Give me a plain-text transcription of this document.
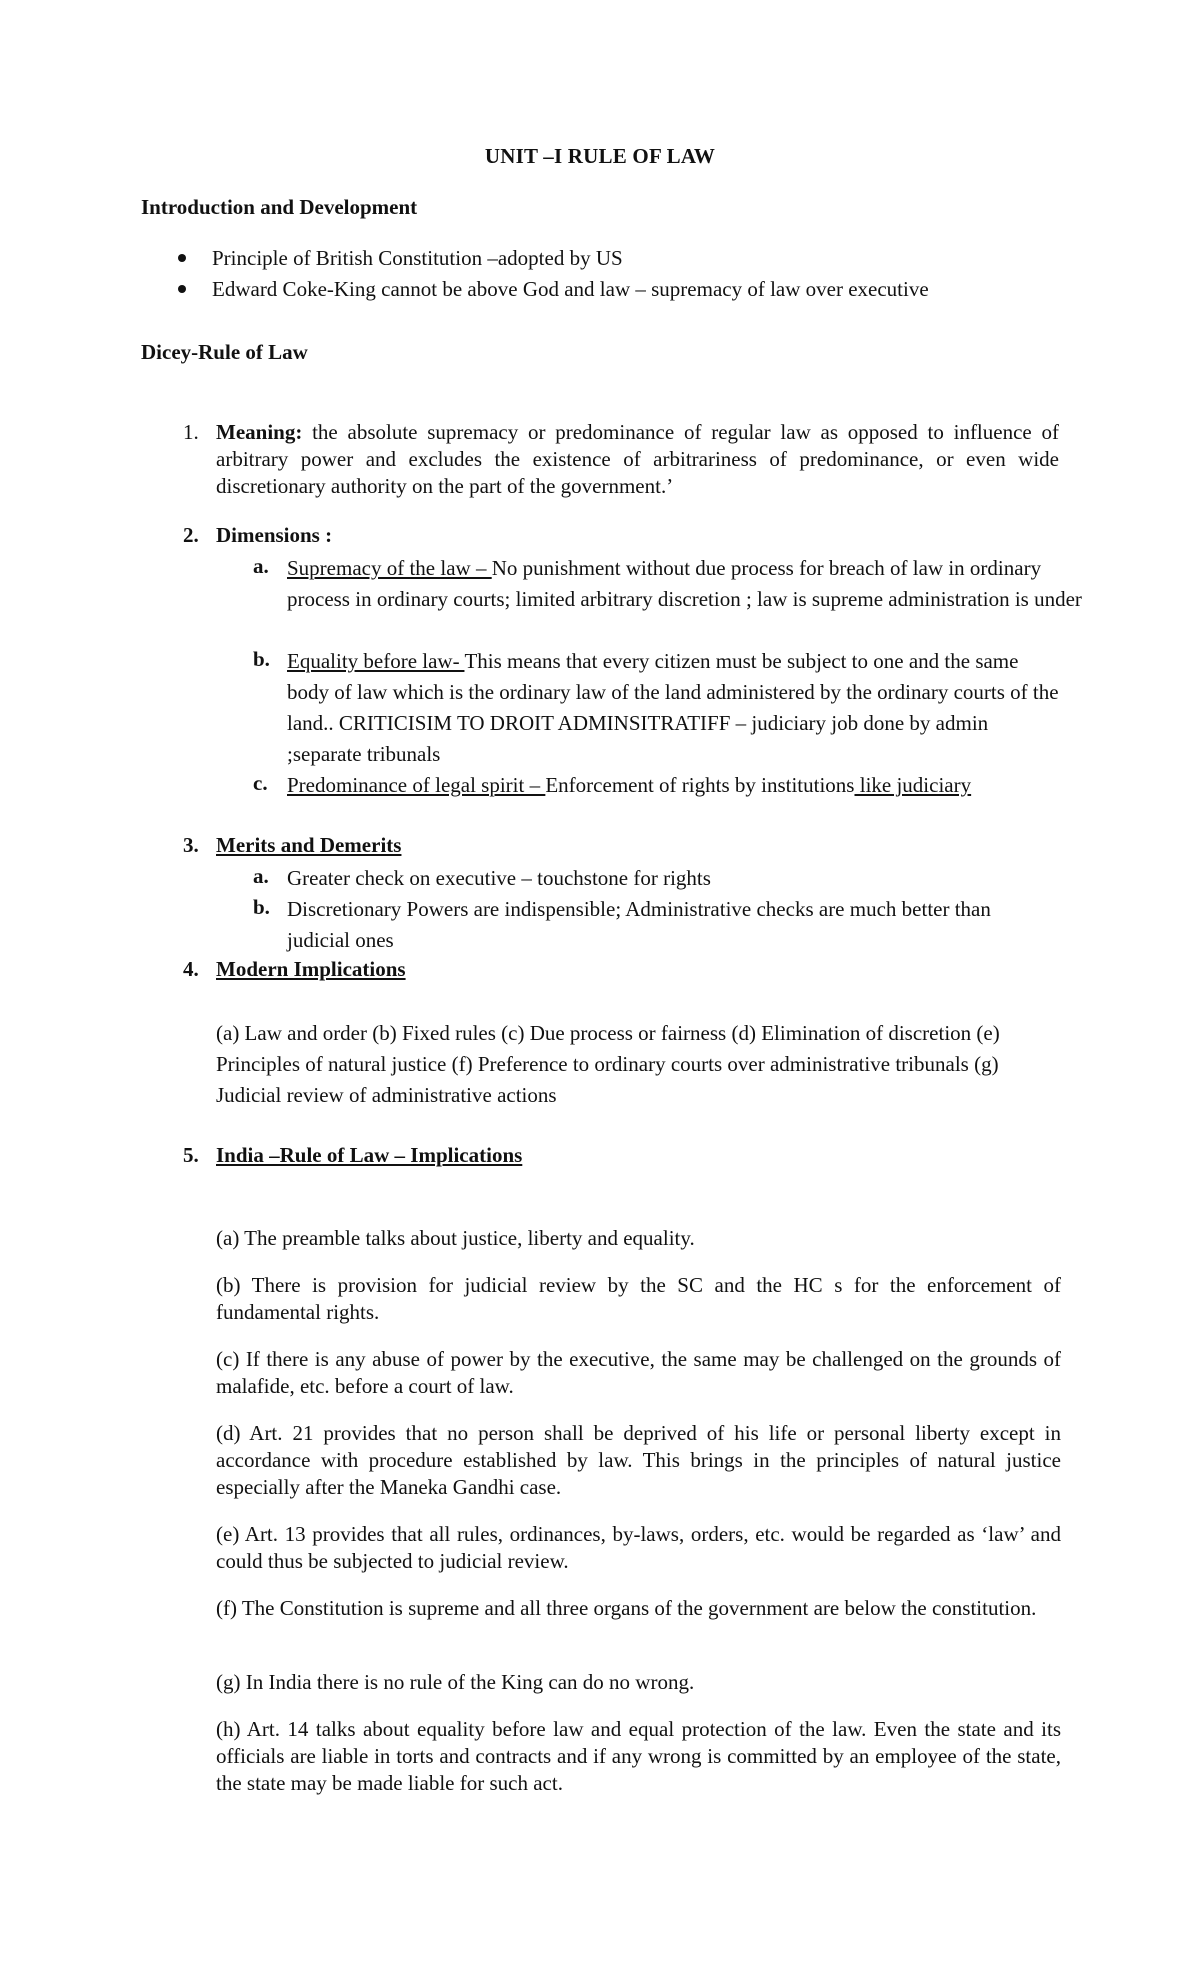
UNIT –I RULE OF LAW
Introduction and Development
Principle of British Constitution –adopted by US
Edward Coke-King cannot be above God and law – supremacy of law over executive
Dicey-Rule of Law
1. Meaning: the absolute supremacy or predominance of regular law as opposed to influence of arbitrary power and excludes the existence of arbitrariness of predominance, or even wide discretionary authority on the part of the government.’
2. Dimensions :
a. Supremacy of the law – No punishment without due process for breach of law in ordinary process in ordinary courts; limited arbitrary discretion ; law is supreme administration is under
b. Equality before law- This means that every citizen must be subject to one and the same body of law which is the ordinary law of the land administered by the ordinary courts of the land.. CRITICISIM TO DROIT ADMINSITRATIFF – judiciary job done by admin ;separate tribunals
c. Predominance of legal spirit – Enforcement of rights by institutions like judiciary
3. Merits and Demerits
a. Greater check on executive – touchstone for rights
b. Discretionary Powers are indispensible; Administrative checks are much better than judicial ones
4. Modern Implications
(a) Law and order (b) Fixed rules (c) Due process or fairness (d) Elimination of discretion (e) Principles of natural justice (f) Preference to ordinary courts over administrative tribunals (g) Judicial review of administrative actions
5. India –Rule of Law – Implications
(a) The preamble talks about justice, liberty and equality.
(b) There is provision for judicial review by the SC and the HC s for the enforcement of fundamental rights.
(c) If there is any abuse of power by the executive, the same may be challenged on the grounds of malafide, etc. before a court of law.
(d) Art. 21 provides that no person shall be deprived of his life or personal liberty except in accordance with procedure established by law. This brings in the principles of natural justice especially after the Maneka Gandhi case.
(e) Art. 13 provides that all rules, ordinances, by-laws, orders, etc. would be regarded as ‘law’ and could thus be subjected to judicial review.
(f) The Constitution is supreme and all three organs of the government are below the constitution.
(g) In India there is no rule of the King can do no wrong.
(h) Art. 14 talks about equality before law and equal protection of the law. Even the state and its officials are liable in torts and contracts and if any wrong is committed by an employee of the state, the state may be made liable for such act.
